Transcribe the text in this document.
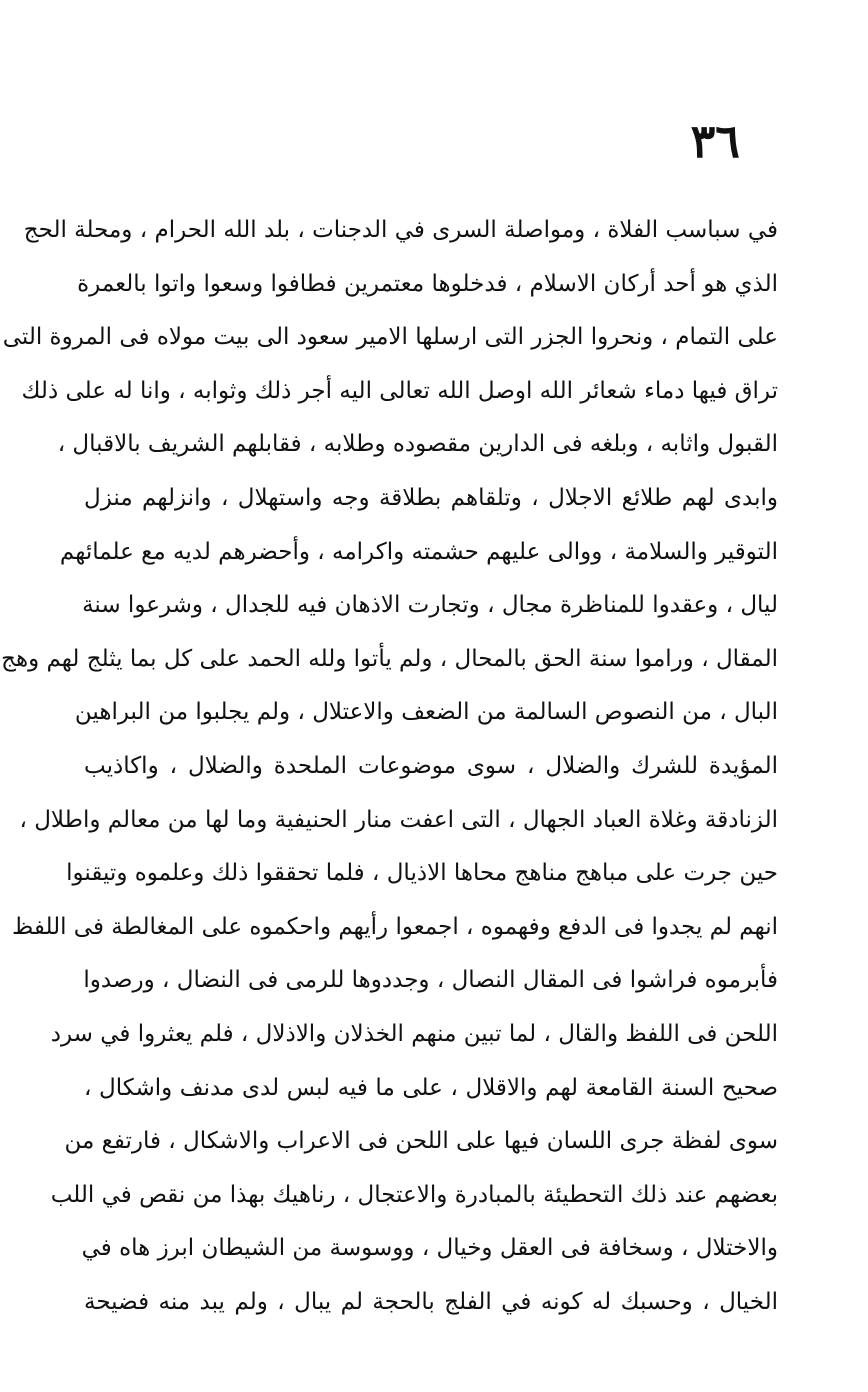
٣٦
في سباسب الفلاة ، ومواصلة السرى في الدجنات ، بلد الله الحرام ، ومحلة الحج
الذي هو أحد أركان الاسلام ، فدخلوها معتمرين فطافوا وسعوا واتوا بالعمرة
على التمام ، ونحروا الجزر التى ارسلها الامير سعود الى بيت مولاه فى المروة التى
تراق فيها دماء شعائر الله اوصل الله تعالى اليه أجر ذلك وثوابه ، وانا له على ذلك
القبول واثابه ، وبلغه فى الدارين مقصوده وطلابه ، فقابلهم الشريف بالاقبال ،
وابدى لهم طلائع الاجلال ، وتلقاهم بطلاقة وجه واستهلال ، وانزلهم منزل
التوقير والسلامة ، ووالى عليهم حشمته واكرامه ، وأحضرهم لديه مع علمائهم
ليال ، وعقدوا للمناظرة مجال ، وتجارت الاذهان فيه للجدال ، وشرعوا سنة
المقال ، وراموا سنة الحق بالمحال ، ولم يأتوا ولله الحمد على كل بما يثلج لهم وهج
البال ، من النصوص السالمة من الضعف والاعتلال ، ولم يجلبوا من البراهين
المؤيدة للشرك والضلال ، سوى موضوعات الملحدة والضلال ، واكاذيب
الزنادقة وغلاة العباد الجهال ، التى اعفت منار الحنيفية وما لها من معالم واطلال ،
حين جرت على مباهج مناهج محاها الاذيال ، فلما تحققوا ذلك وعلموه وتيقنوا
انهم لم يجدوا فى الدفع وفهموه ، اجمعوا رأيهم واحكموه على المغالطة فى اللفظ
فأبرموه فراشوا فى المقال النصال ، وجددوها للرمى فى النضال ، ورصدوا
اللحن فى اللفظ والقال ، لما تبين منهم الخذلان والاذلال ، فلم يعثروا في سرد
صحيح السنة القامعة لهم والاقلال ، على ما فيه لبس لدى مدنف واشكال ،
سوى لفظة جرى اللسان فيها على اللحن فى الاعراب والاشكال ، فارتفع من
بعضهم عند ذلك التحطيئة بالمبادرة والاعتجال ، رناهيك بهذا من نقص في اللب
والاختلال ، وسخافة فى العقل وخيال ، ووسوسة من الشيطان ابرز هاه في
الخيال ، وحسبك له كونه في الفلج بالحجة لم يبال ، ولم يبد منه فضيحة
